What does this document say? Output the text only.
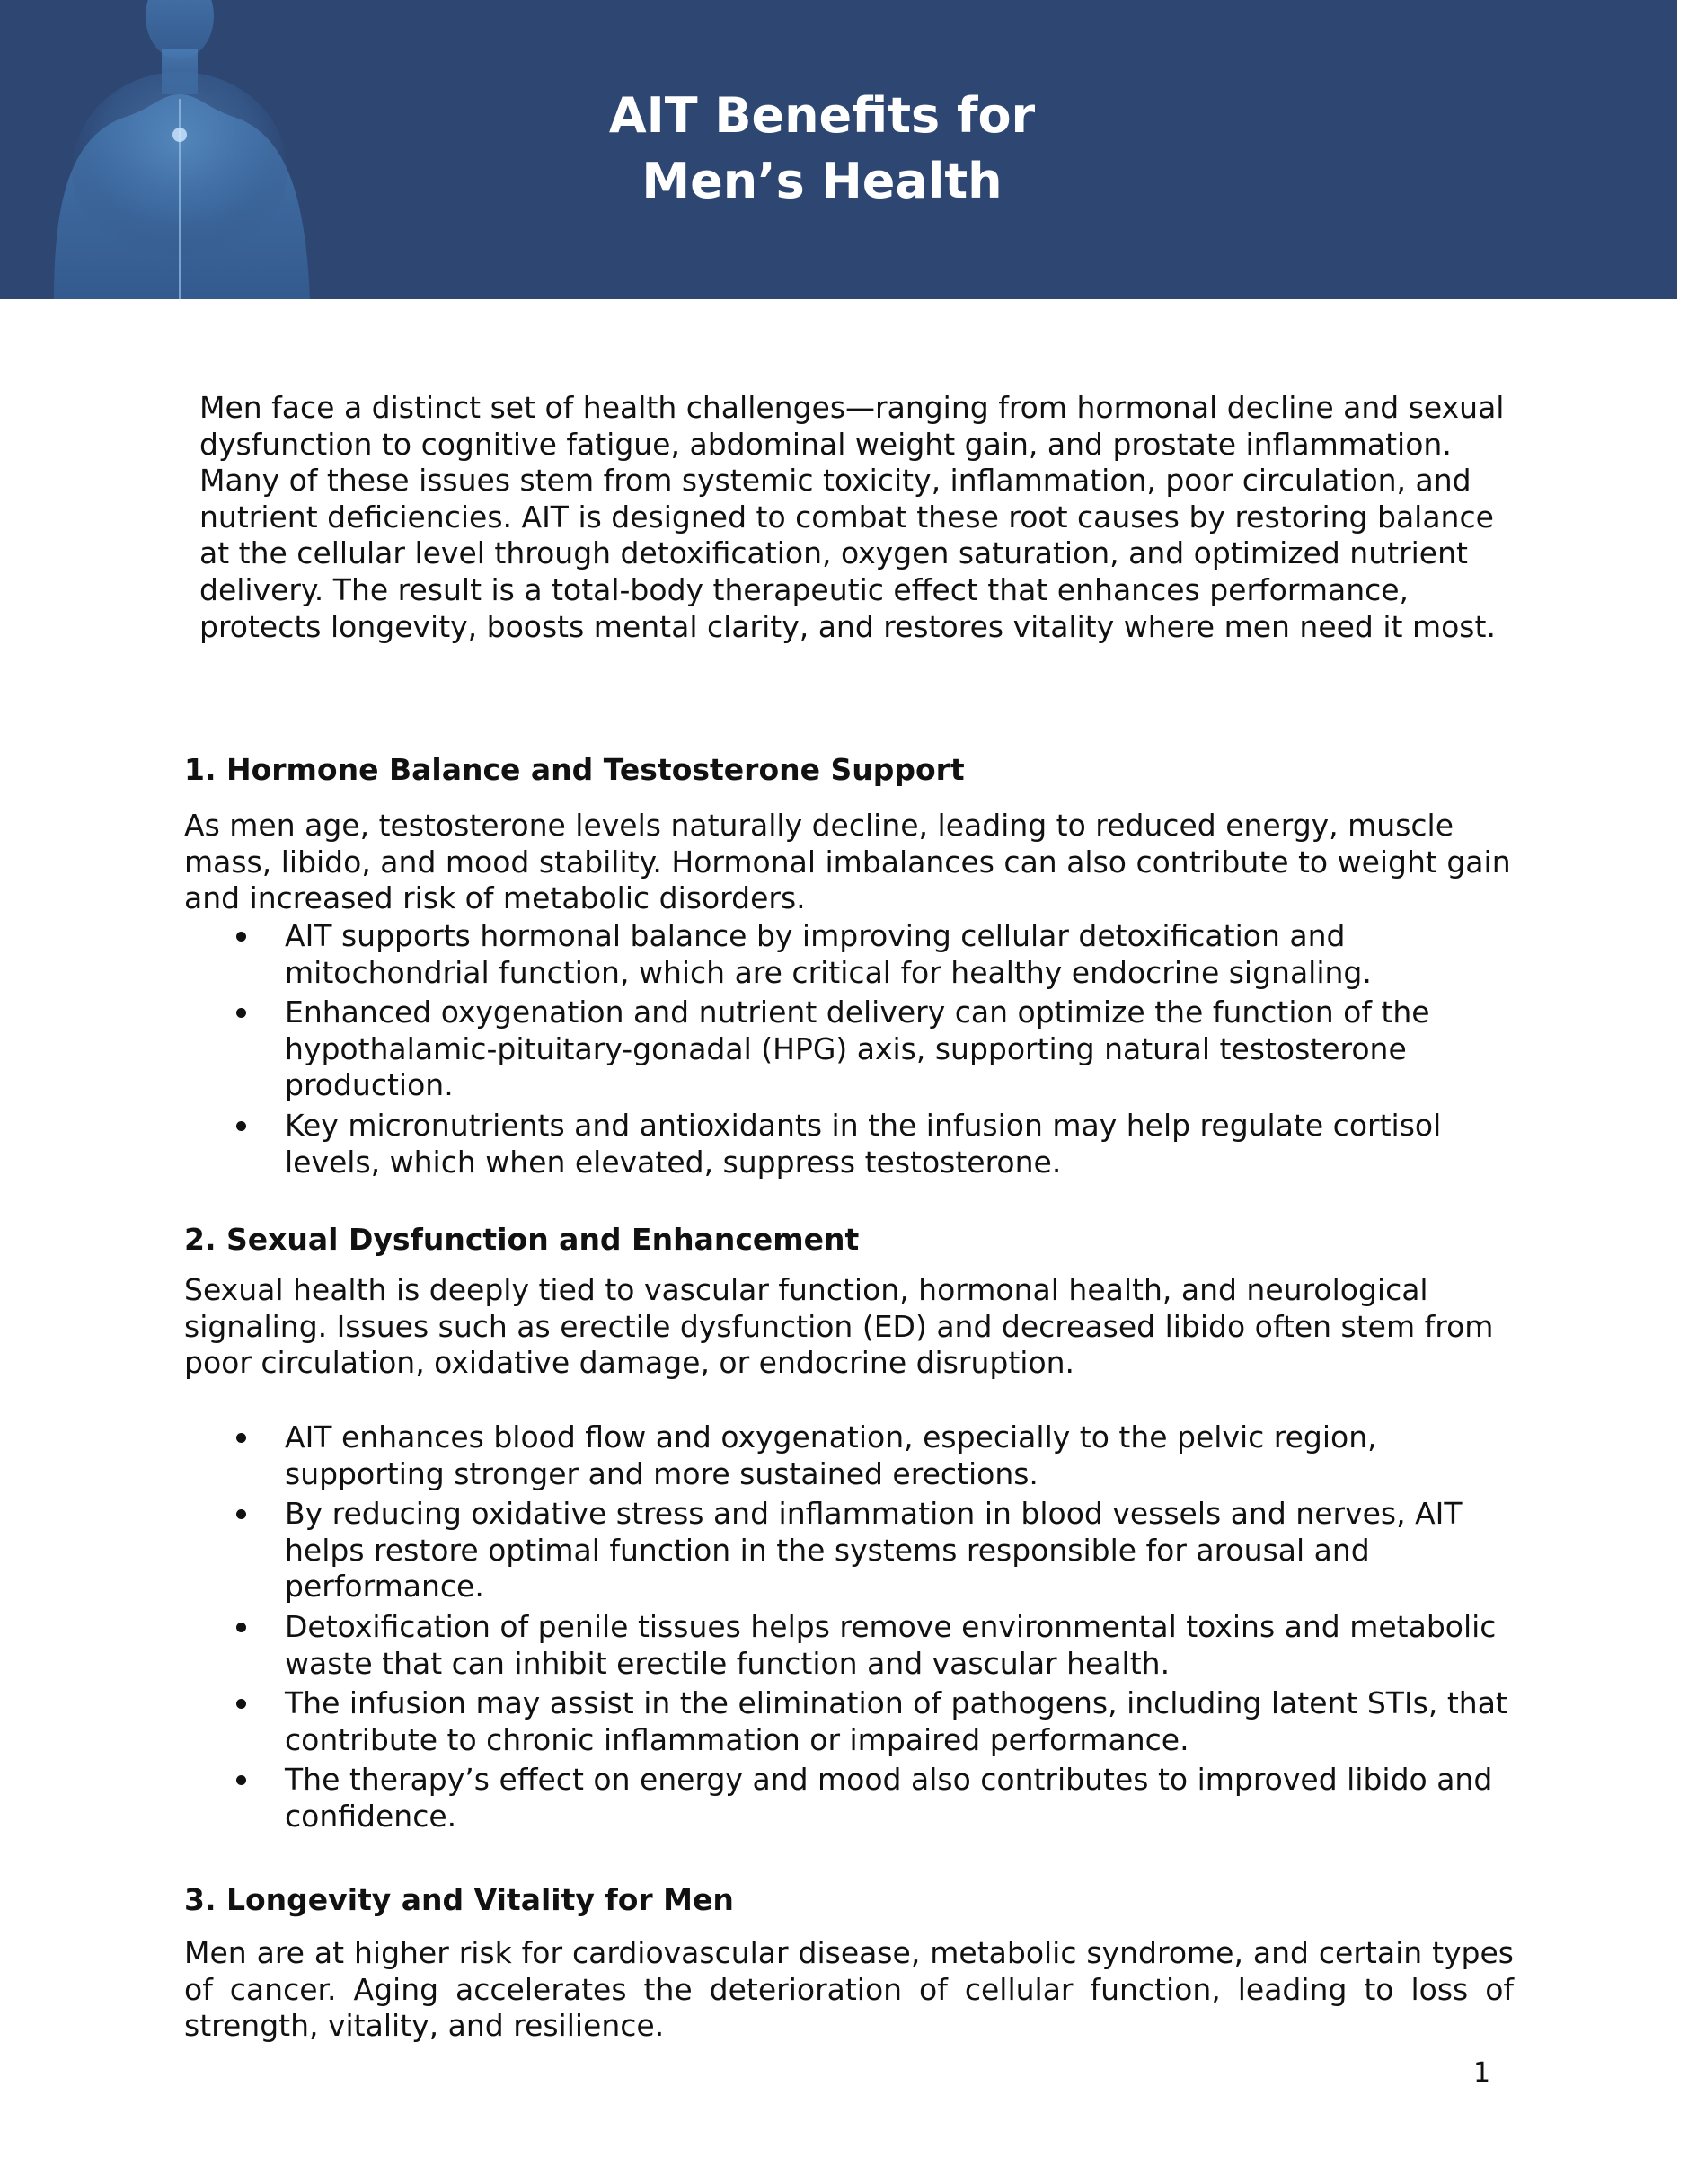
AIT Benefits for
Men’s Health
Men face a distinct set of health challenges—ranging from hormonal decline and sexual dysfunction to cognitive fatigue, abdominal weight gain, and prostate inflammation. Many of these issues stem from systemic toxicity, inflammation, poor circulation, and nutrient deficiencies. AIT is designed to combat these root causes by restoring balance at the cellular level through detoxification, oxygen saturation, and optimized nutrient delivery. The result is a total-body therapeutic effect that enhances performance, protects longevity, boosts mental clarity, and restores vitality where men need it most.
1. Hormone Balance and Testosterone Support
As men age, testosterone levels naturally decline, leading to reduced energy, muscle mass, libido, and mood stability. Hormonal imbalances can also contribute to weight gain and increased risk of metabolic disorders.
AIT supports hormonal balance by improving cellular detoxification and mitochondrial function, which are critical for healthy endocrine signaling.
Enhanced oxygenation and nutrient delivery can optimize the function of the hypothalamic-pituitary-gonadal (HPG) axis, supporting natural testosterone production.
Key micronutrients and antioxidants in the infusion may help regulate cortisol levels, which when elevated, suppress testosterone.
2. Sexual Dysfunction and Enhancement
Sexual health is deeply tied to vascular function, hormonal health, and neurological signaling. Issues such as erectile dysfunction (ED) and decreased libido often stem from poor circulation, oxidative damage, or endocrine disruption.
AIT enhances blood flow and oxygenation, especially to the pelvic region, supporting stronger and more sustained erections.
By reducing oxidative stress and inflammation in blood vessels and nerves, AIT helps restore optimal function in the systems responsible for arousal and performance.
Detoxification of penile tissues helps remove environmental toxins and metabolic waste that can inhibit erectile function and vascular health.
The infusion may assist in the elimination of pathogens, including latent STIs, that contribute to chronic inflammation or impaired performance.
The therapy’s effect on energy and mood also contributes to improved libido and confidence.
3. Longevity and Vitality for Men
Men are at higher risk for cardiovascular disease, metabolic syndrome, and certain types of cancer. Aging accelerates the deterioration of cellular function, leading to loss of strength, vitality, and resilience.
1
